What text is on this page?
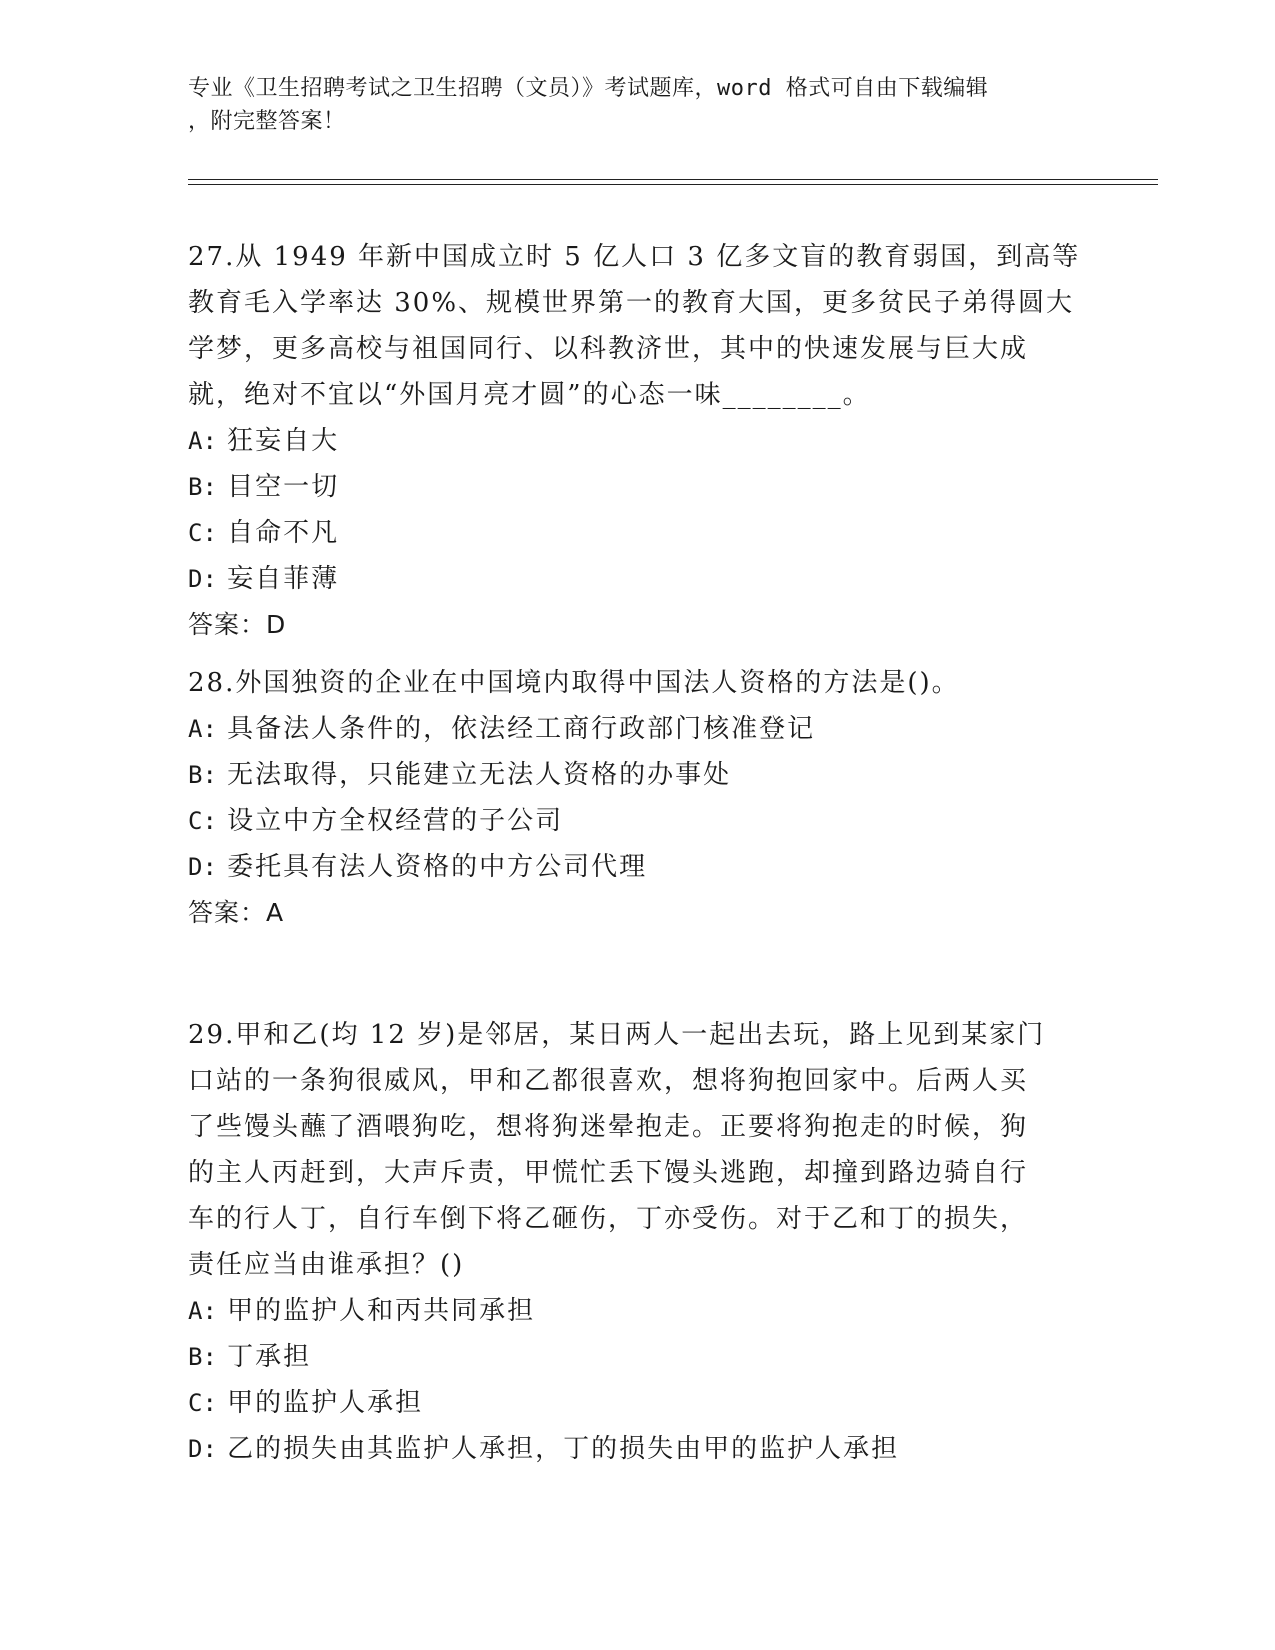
专业《卫生招聘考试之卫生招聘（文员）》考试题库，word 格式可自由下载编辑
，附完整答案！
27.从 1949 年新中国成立时 5 亿人口 3 亿多文盲的教育弱国，到高等
教育毛入学率达 30%、规模世界第一的教育大国，更多贫民子弟得圆大
学梦，更多高校与祖国同行、以科教济世，其中的快速发展与巨大成
就，绝对不宜以“外国月亮才圆”的心态一味________。
A: 狂妄自大
B: 目空一切
C: 自命不凡
D: 妄自菲薄
答案：D
28.外国独资的企业在中国境内取得中国法人资格的方法是()。
A: 具备法人条件的，依法经工商行政部门核准登记
B: 无法取得，只能建立无法人资格的办事处
C: 设立中方全权经营的子公司
D: 委托具有法人资格的中方公司代理
答案：A
29.甲和乙(均 12 岁)是邻居，某日两人一起出去玩，路上见到某家门
口站的一条狗很威风，甲和乙都很喜欢，想将狗抱回家中。后两人买
了些馒头蘸了酒喂狗吃，想将狗迷晕抱走。正要将狗抱走的时候，狗
的主人丙赶到，大声斥责，甲慌忙丢下馒头逃跑，却撞到路边骑自行
车的行人丁，自行车倒下将乙砸伤，丁亦受伤。对于乙和丁的损失，
责任应当由谁承担？()
A: 甲的监护人和丙共同承担
B: 丁承担
C: 甲的监护人承担
D: 乙的损失由其监护人承担，丁的损失由甲的监护人承担
